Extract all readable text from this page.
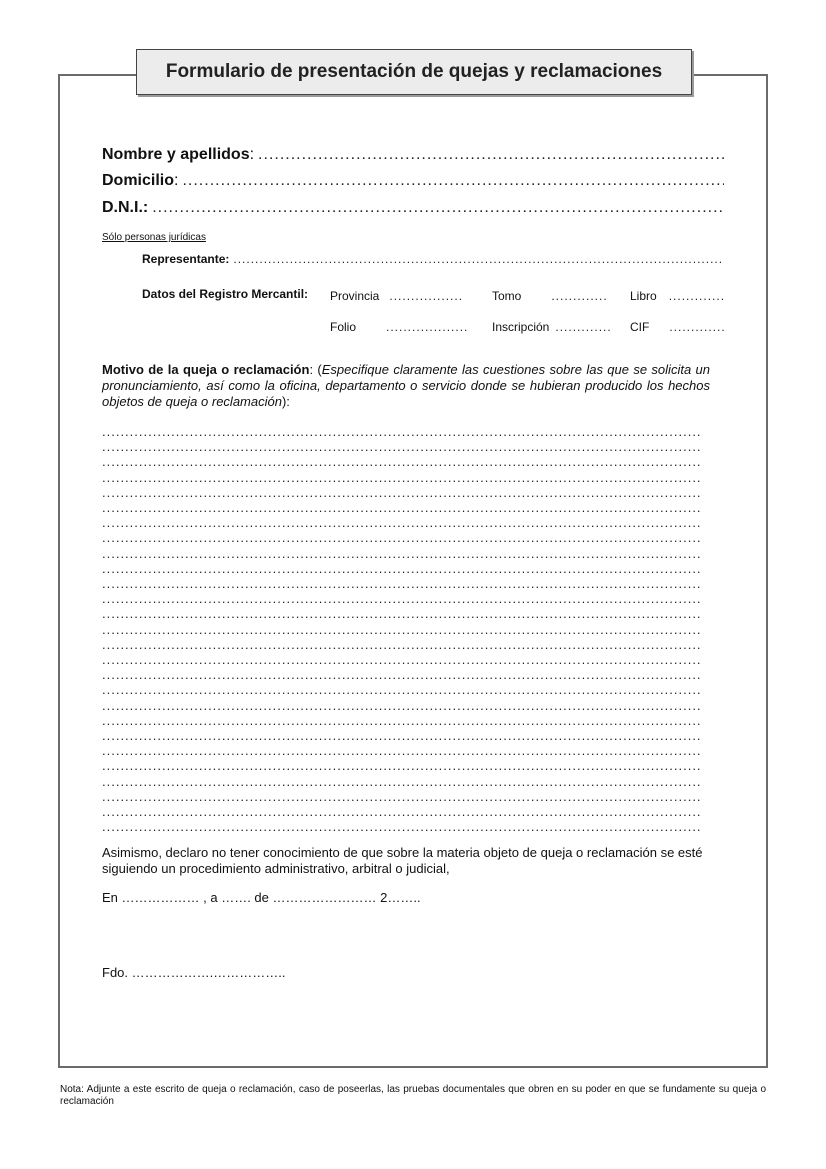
Formulario de presentación de quejas y reclamaciones
Nombre y apellidos :
.....
Domicilio :
.....
D.N.I.:
.....
Sólo personas jurídicas
Representante:
.....
Datos del Registro Mercantil: Provincia .....	Tomo .....	Libro
.....
Folio .....	Inscripción .....	CIF
.....
Motivo de la queja o reclamación: (Especifique claramente las cuestiones sobre las que se solicita un pronunciamiento, así como la oficina, departamento o servicio donde se hubieran producido los hechos objetos de queja o reclamación):
.....
.....
.....
.....
.....
.....
.....
.....
.....
.....
.....
.....
.....
.....
.....
.....
.....
.....
.....
.....
.....
.....
.....
.....
.....
.....
.....
Asimismo, declaro no tener conocimiento de que sobre la materia objeto de queja o reclamación se esté siguiendo un procedimiento administrativo, arbitral o judicial,
En ……………… , a ……. de …………………… 2……..
Fdo. ……………….……………..
Nota: Adjunte a este escrito de queja o reclamación, caso de poseerlas, las pruebas documentales que obren en su poder en que se fundamente su queja o reclamación
